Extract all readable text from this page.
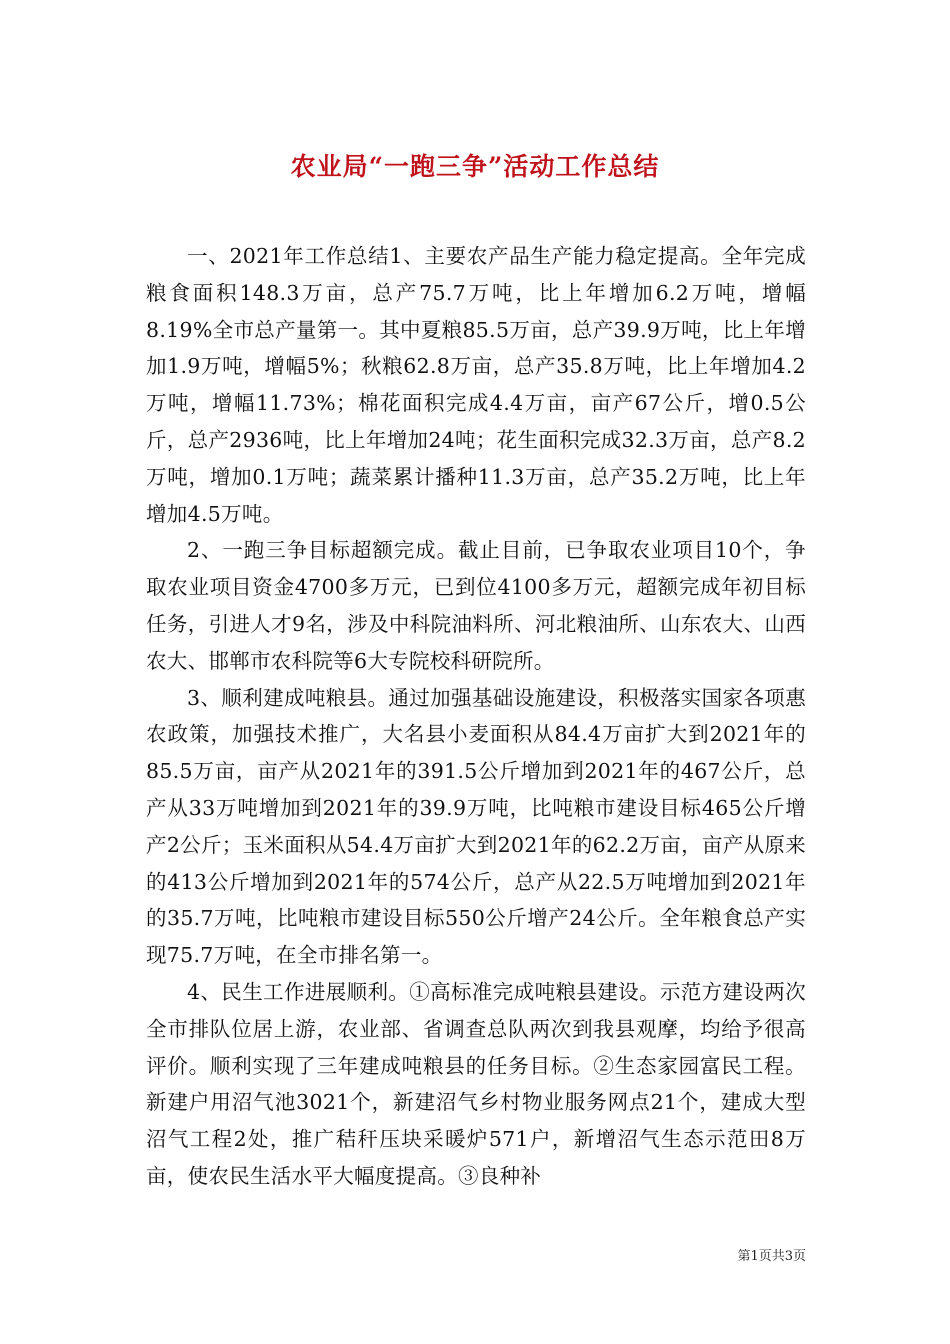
农业局“一跑三争”活动工作总结

一、2021年工作总结1、主要农产品生产能力稳定提高。全年完成粮食面积148.3万亩，总产75.7万吨，比上年增加6.2万吨，增幅8.19%全市总产量第一。其中夏粮85.5万亩，总产39.9万吨，比上年增加1.9万吨，增幅5%；秋粮62.8万亩，总产35.8万吨，比上年增加4.2万吨，增幅11.73%；棉花面积完成4.4万亩，亩产67公斤，增0.5公斤，总产2936吨，比上年增加24吨；花生面积完成32.3万亩，总产8.2万吨，增加0.1万吨；蔬菜累计播种11.3万亩，总产35.2万吨，比上年增加4.5万吨。

2、一跑三争目标超额完成。截止目前，已争取农业项目10个，争取农业项目资金4700多万元，已到位4100多万元，超额完成年初目标任务，引进人才9名，涉及中科院油料所、河北粮油所、山东农大、山西农大、邯郸市农科院等6大专院校科研院所。

3、顺利建成吨粮县。通过加强基础设施建设，积极落实国家各项惠农政策，加强技术推广，大名县小麦面积从84.4万亩扩大到2021年的85.5万亩，亩产从2021年的391.5公斤增加到2021年的467公斤，总产从33万吨增加到2021年的39.9万吨，比吨粮市建设目标465公斤增产2公斤；玉米面积从54.4万亩扩大到2021年的62.2万亩，亩产从原来的413公斤增加到2021年的574公斤，总产从22.5万吨增加到2021年的35.7万吨，比吨粮市建设目标550公斤增产24公斤。全年粮食总产实现75.7万吨，在全市排名第一。

4、民生工作进展顺利。①高标准完成吨粮县建设。示范方建设两次全市排队位居上游，农业部、省调查总队两次到我县观摩，均给予很高评价。顺利实现了三年建成吨粮县的任务目标。②生态家园富民工程。新建户用沼气池3021个，新建沼气乡村物业服务网点21个，建成大型沼气工程2处，推广秸秆压块采暖炉571户，新增沼气生态示范田8万亩，使农民生活水平大幅度提高。③良种补

第1页共3页
